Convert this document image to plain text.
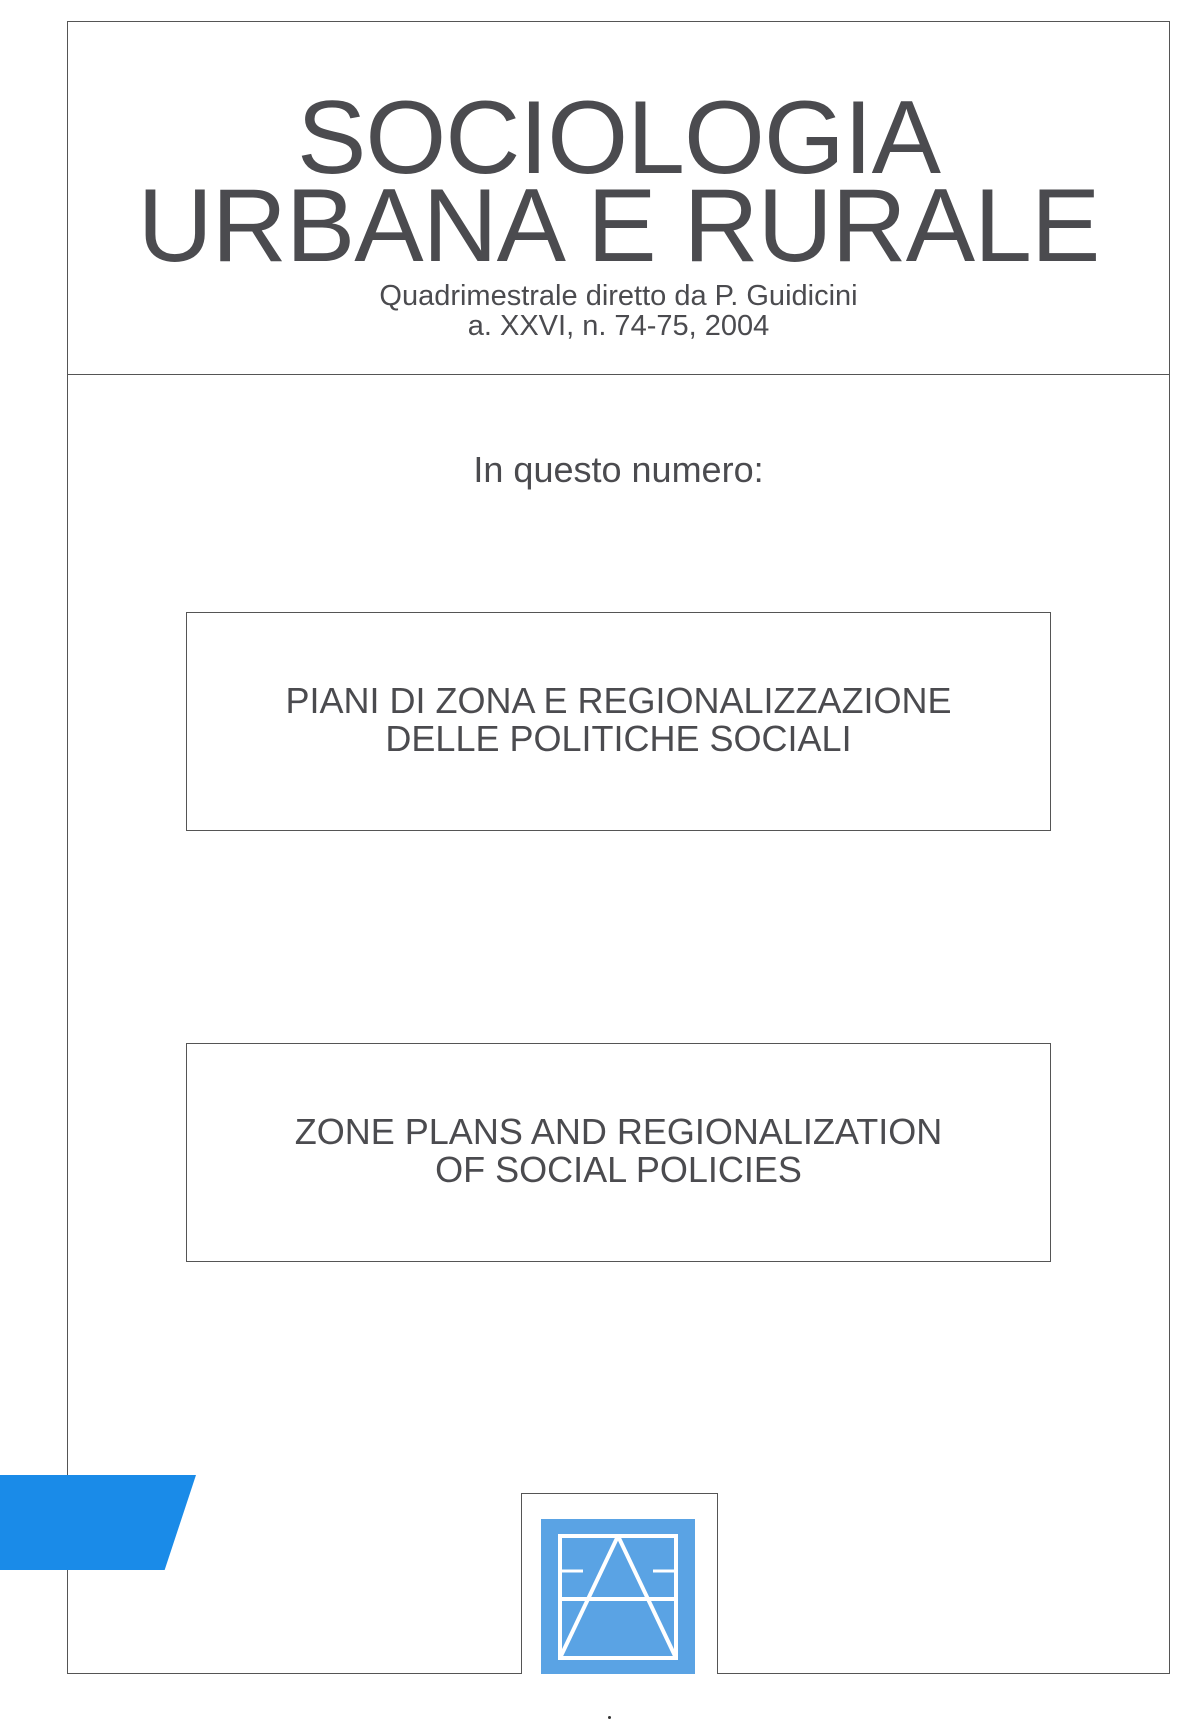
SOCIOLOGIA
URBANA E RURALE
Quadrimestrale diretto da P. Guidicini
a. XXVI, n. 74-75, 2004
In questo numero:
PIANI DI ZONA E REGIONALIZZAZIONE
DELLE POLITICHE SOCIALI
ZONE PLANS AND REGIONALIZATION
OF SOCIAL POLICIES
